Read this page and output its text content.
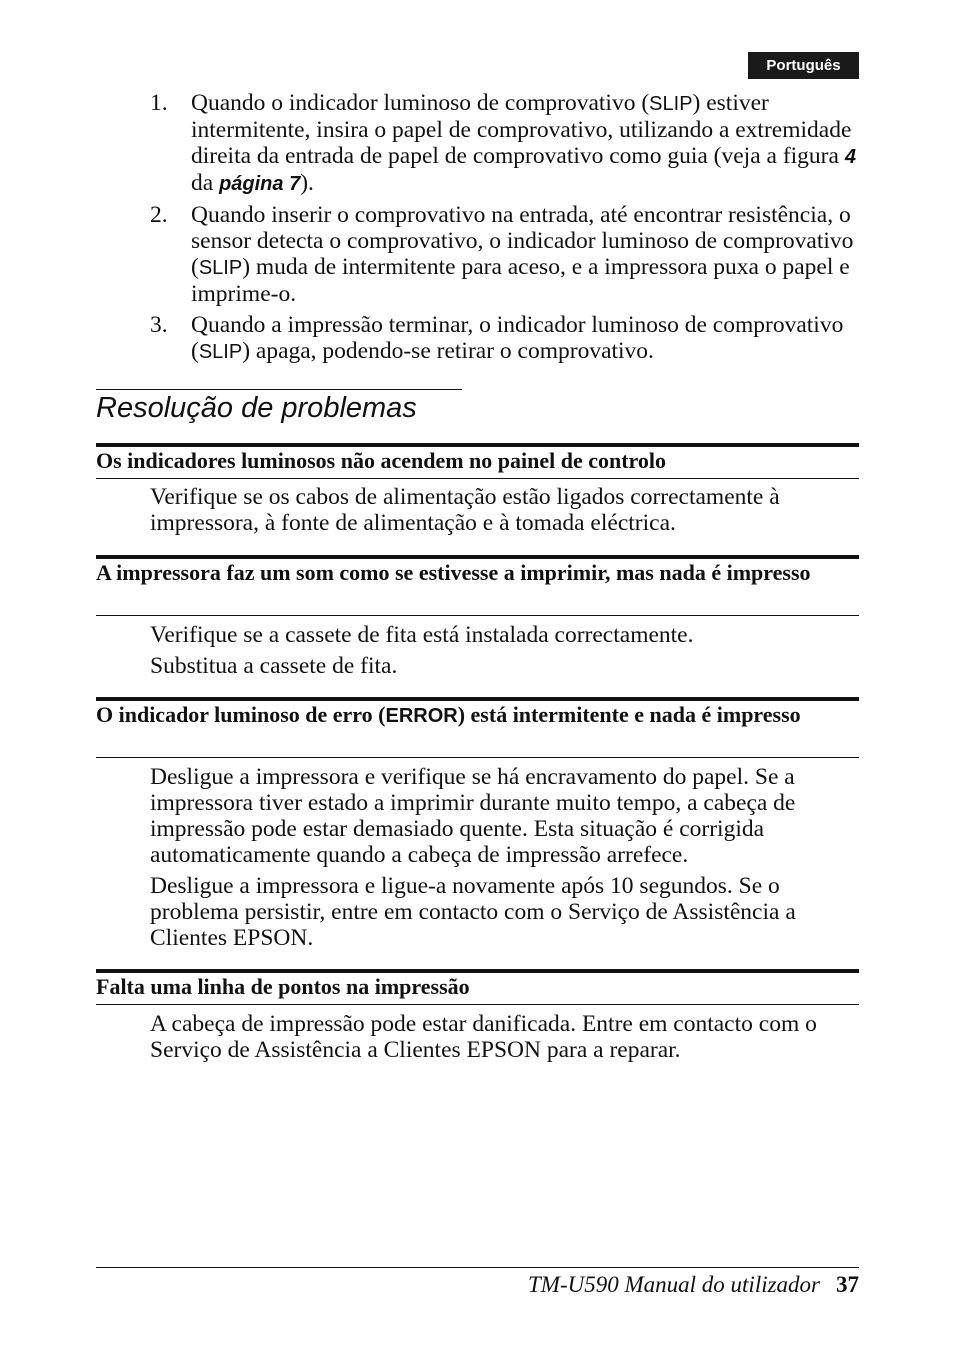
Português
1. Quando o indicador luminoso de comprovativo (SLIP) estiver intermitente, insira o papel de comprovativo, utilizando a extremidade direita da entrada de papel de comprovativo como guia (veja a figura 4 da página 7).
2. Quando inserir o comprovativo na entrada, até encontrar resistência, o sensor detecta o comprovativo, o indicador luminoso de comprovativo (SLIP) muda de intermitente para aceso, e a impressora puxa o papel e imprime-o.
3. Quando a impressão terminar, o indicador luminoso de comprovativo (SLIP) apaga, podendo-se retirar o comprovativo.
Resolução de problemas
Os indicadores luminosos não acendem no painel de controlo

Verifique se os cabos de alimentação estão ligados correctamente à impressora, à fonte de alimentação e à tomada eléctrica.

A impressora faz um som como se estivesse a imprimir, mas nada é impresso

Verifique se a cassete de fita está instalada correctamente.

Substitua a cassete de fita.

O indicador luminoso de erro (ERROR) está intermitente e nada é impresso

Desligue a impressora e verifique se há encravamento do papel. Se a impressora tiver estado a imprimir durante muito tempo, a cabeça de impressão pode estar demasiado quente. Esta situação é corrigida automaticamente quando a cabeça de impressão arrefece.

Desligue a impressora e ligue-a novamente após 10 segundos. Se o problema persistir, entre em contacto com o Serviço de Assistência a Clientes EPSON.

Falta uma linha de pontos na impressão

A cabeça de impressão pode estar danificada. Entre em contacto com o Serviço de Assistência a Clientes EPSON para a reparar.

TM-U590 Manual do utilizador 37
